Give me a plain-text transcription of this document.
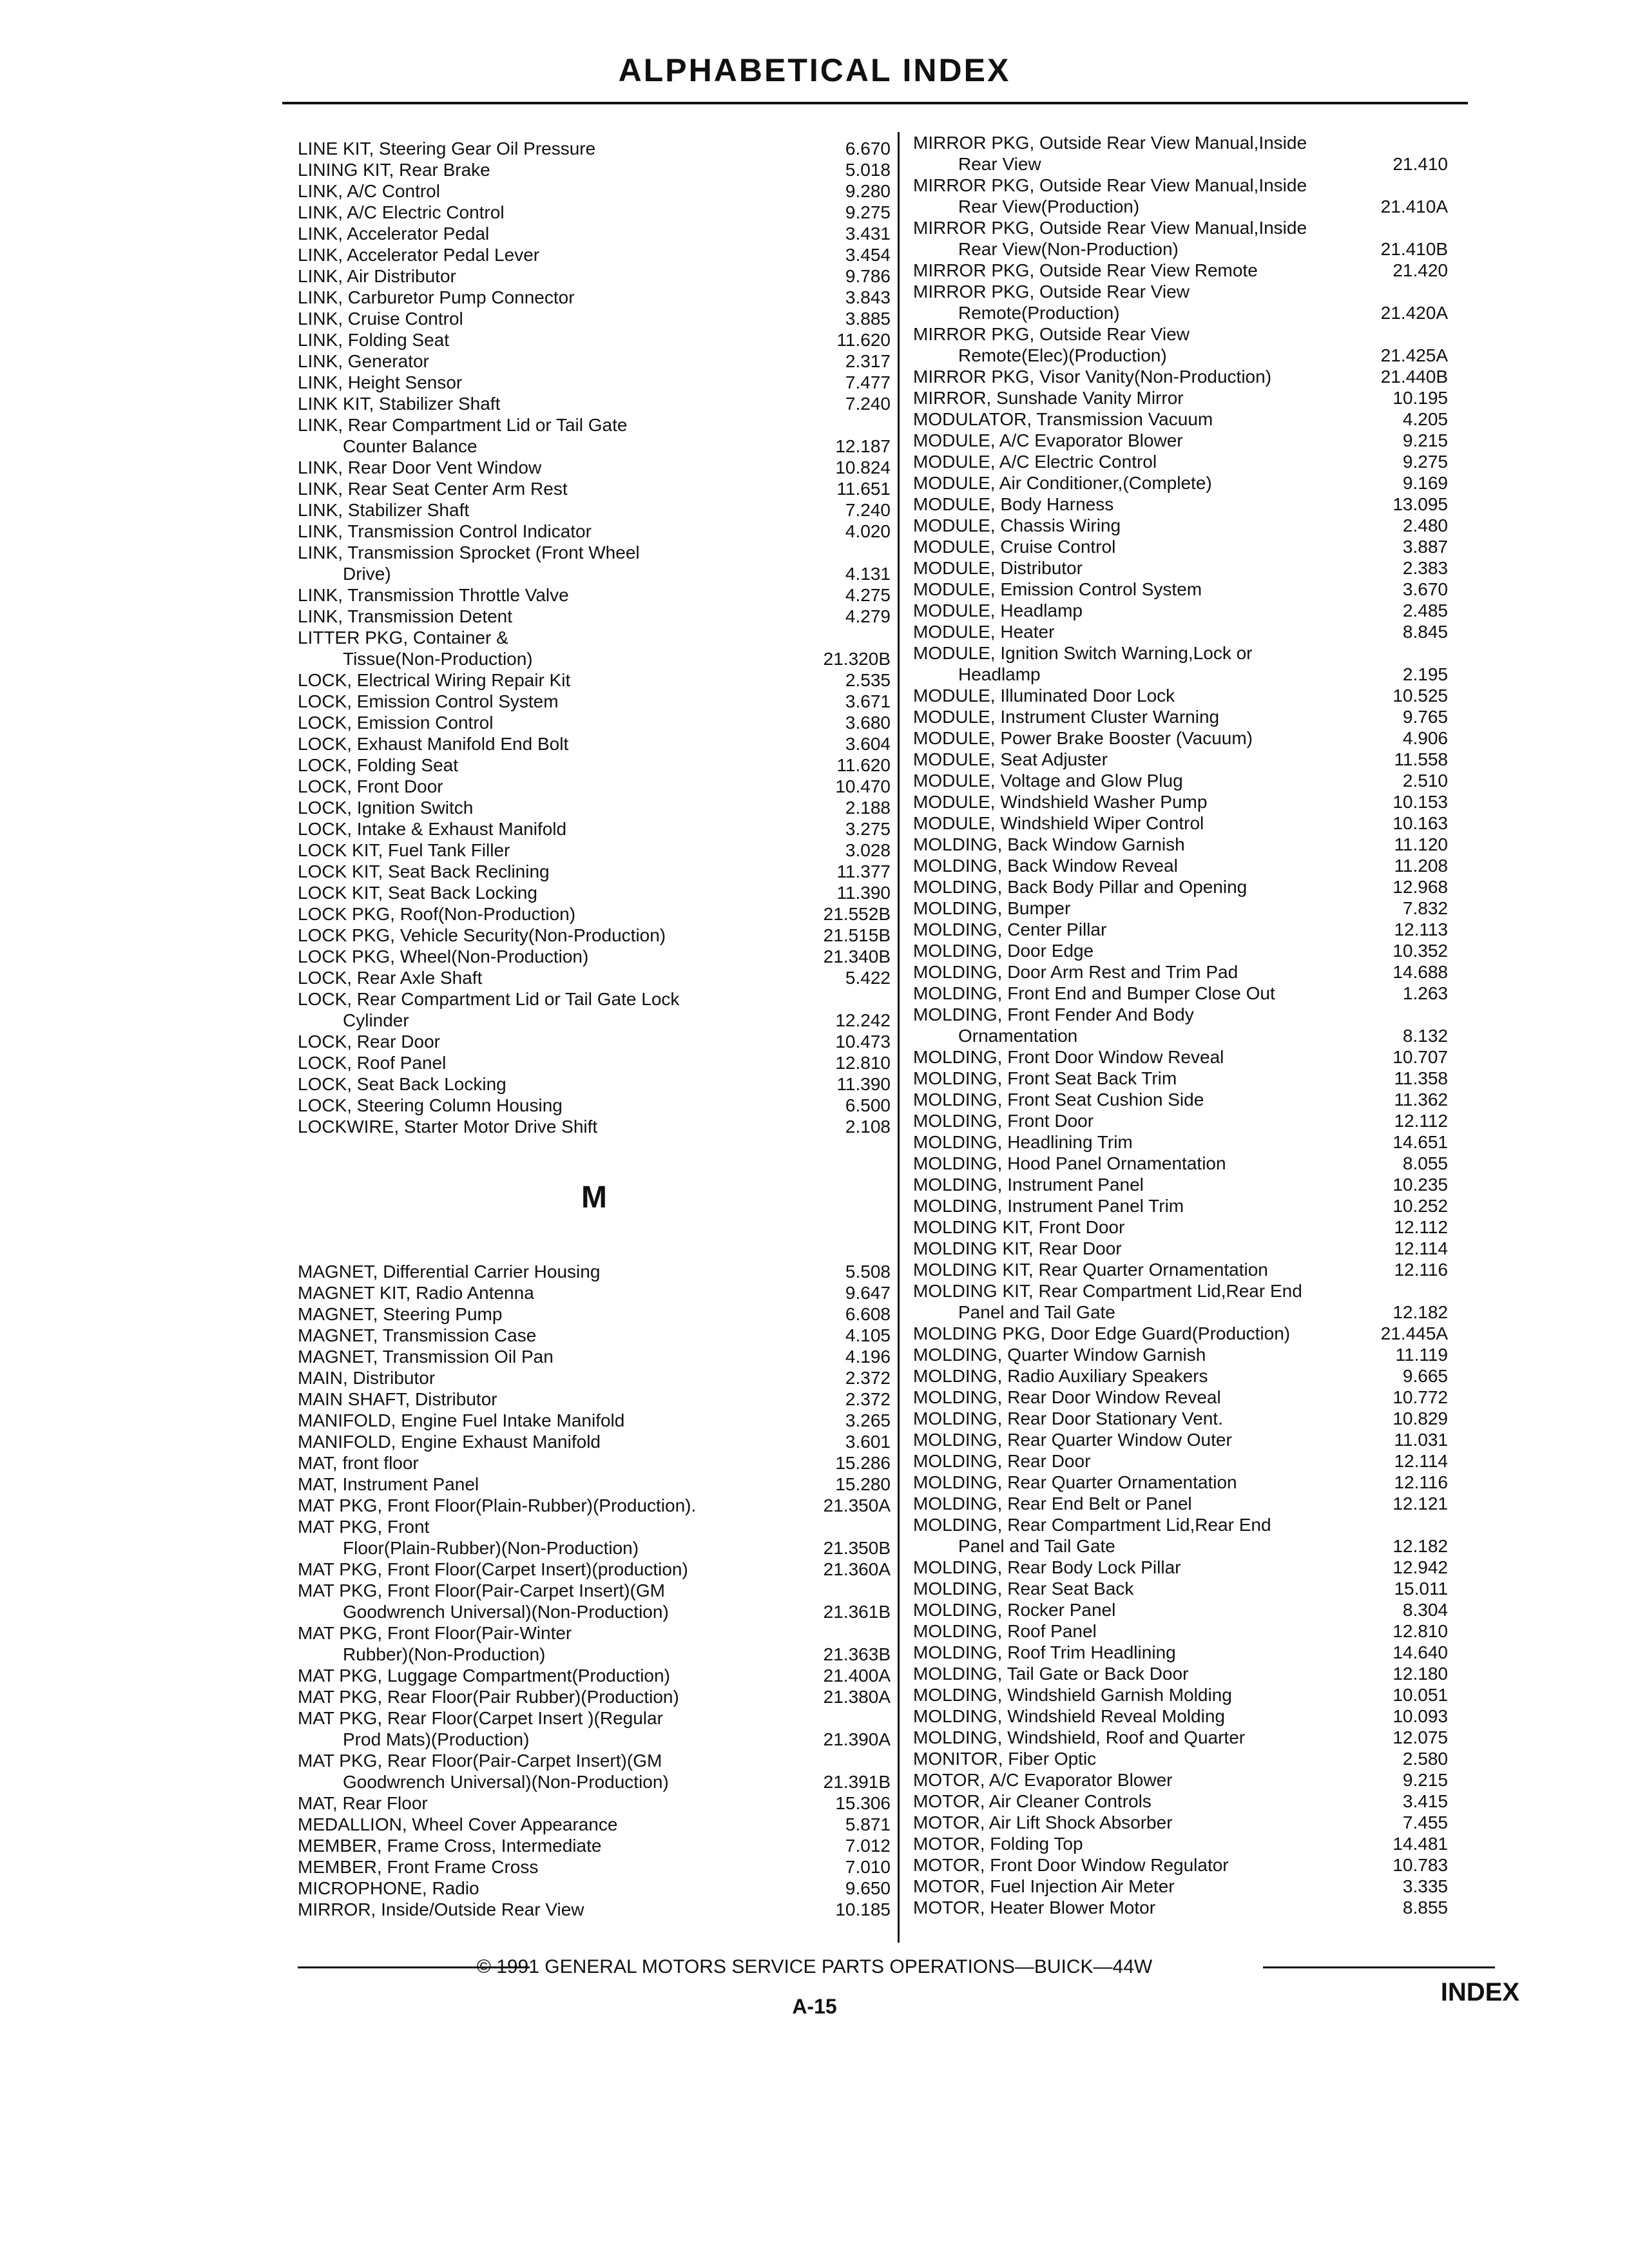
ALPHABETICAL INDEX
LINE KIT, Steering Gear Oil Pressure	6.670
LINING KIT, Rear Brake	5.018
LINK, A/C Control	9.280
LINK, A/C Electric Control	9.275
LINK, Accelerator Pedal	3.431
LINK, Accelerator Pedal Lever	3.454
LINK, Air Distributor	9.786
LINK, Carburetor Pump Connector	3.843
LINK, Cruise Control	3.885
LINK, Folding Seat	11.620
LINK, Generator	2.317
LINK, Height Sensor	7.477
LINK KIT, Stabilizer Shaft	7.240
LINK, Rear Compartment Lid or Tail Gate
Counter Balance	12.187
LINK, Rear Door Vent Window	10.824
LINK, Rear Seat Center Arm Rest	11.651
LINK, Stabilizer Shaft	7.240
LINK, Transmission Control Indicator	4.020
LINK, Transmission Sprocket (Front Wheel
Drive)	4.131
LINK, Transmission Throttle Valve	4.275
LINK, Transmission Detent	4.279
LITTER PKG, Container &
Tissue(Non-Production)	21.320B
LOCK, Electrical Wiring Repair Kit	2.535
LOCK, Emission Control System	3.671
LOCK, Emission Control	3.680
LOCK, Exhaust Manifold End Bolt	3.604
LOCK, Folding Seat	11.620
LOCK, Front Door	10.470
LOCK, Ignition Switch	2.188
LOCK, Intake & Exhaust Manifold	3.275
LOCK KIT, Fuel Tank Filler	3.028
LOCK KIT, Seat Back Reclining	11.377
LOCK KIT, Seat Back Locking	11.390
LOCK PKG, Roof(Non-Production)	21.552B
LOCK PKG, Vehicle Security(Non-Production)	21.515B
LOCK PKG, Wheel(Non-Production)	21.340B
LOCK, Rear Axle Shaft	5.422
LOCK, Rear Compartment Lid or Tail Gate Lock
Cylinder	12.242
LOCK, Rear Door	10.473
LOCK, Roof Panel	12.810
LOCK, Seat Back Locking	11.390
LOCK, Steering Column Housing	6.500
LOCKWIRE, Starter Motor Drive Shift	2.108
M
MAGNET, Differential Carrier Housing	5.508
MAGNET KIT, Radio Antenna	9.647
MAGNET, Steering Pump	6.608
MAGNET, Transmission Case	4.105
MAGNET, Transmission Oil Pan	4.196
MAIN, Distributor	2.372
MAIN SHAFT, Distributor	2.372
MANIFOLD, Engine Fuel Intake Manifold	3.265
MANIFOLD, Engine Exhaust Manifold	3.601
MAT, front floor	15.286
MAT, Instrument Panel	15.280
MAT PKG, Front Floor(Plain-Rubber)(Production).	21.350A
MAT PKG, Front
Floor(Plain-Rubber)(Non-Production)	21.350B
MAT PKG, Front Floor(Carpet Insert)(production)	21.360A
MAT PKG, Front Floor(Pair-Carpet Insert)(GM
Goodwrench Universal)(Non-Production)	21.361B
MAT PKG, Front Floor(Pair-Winter
Rubber)(Non-Production)	21.363B
MAT PKG, Luggage Compartment(Production)	21.400A
MAT PKG, Rear Floor(Pair Rubber)(Production)	21.380A
MAT PKG, Rear Floor(Carpet Insert )(Regular
Prod Mats)(Production)	21.390A
MAT PKG, Rear Floor(Pair-Carpet Insert)(GM
Goodwrench Universal)(Non-Production)	21.391B
MAT, Rear Floor	15.306
MEDALLION, Wheel Cover Appearance	5.871
MEMBER, Frame Cross, Intermediate	7.012
MEMBER, Front Frame Cross	7.010
MICROPHONE, Radio	9.650
MIRROR, Inside/Outside Rear View	10.185
MIRROR PKG, Outside Rear View Manual,Inside
Rear View	21.410
MIRROR PKG, Outside Rear View Manual,Inside
Rear View(Production)	21.410A
MIRROR PKG, Outside Rear View Manual,Inside
Rear View(Non-Production)	21.410B
MIRROR PKG, Outside Rear View Remote	21.420
MIRROR PKG, Outside Rear View
Remote(Production)	21.420A
MIRROR PKG, Outside Rear View
Remote(Elec)(Production)	21.425A
MIRROR PKG, Visor Vanity(Non-Production)	21.440B
MIRROR, Sunshade Vanity Mirror	10.195
MODULATOR, Transmission Vacuum	4.205
MODULE, A/C Evaporator Blower	9.215
MODULE, A/C Electric Control	9.275
MODULE, Air Conditioner,(Complete)	9.169
MODULE, Body Harness	13.095
MODULE, Chassis Wiring	2.480
MODULE, Cruise Control	3.887
MODULE, Distributor	2.383
MODULE, Emission Control System	3.670
MODULE, Headlamp	2.485
MODULE, Heater	8.845
MODULE, Ignition Switch Warning,Lock or
Headlamp	2.195
MODULE, Illuminated Door Lock	10.525
MODULE, Instrument Cluster Warning	9.765
MODULE, Power Brake Booster (Vacuum)	4.906
MODULE, Seat Adjuster	11.558
MODULE, Voltage and Glow Plug	2.510
MODULE, Windshield Washer Pump	10.153
MODULE, Windshield Wiper Control	10.163
MOLDING, Back Window Garnish	11.120
MOLDING, Back Window Reveal	11.208
MOLDING, Back Body Pillar and Opening	12.968
MOLDING, Bumper	7.832
MOLDING, Center Pillar	12.113
MOLDING, Door Edge	10.352
MOLDING, Door Arm Rest and Trim Pad	14.688
MOLDING, Front End and Bumper Close Out	1.263
MOLDING, Front Fender And Body
Ornamentation	8.132
MOLDING, Front Door Window Reveal	10.707
MOLDING, Front Seat Back Trim	11.358
MOLDING, Front Seat Cushion Side	11.362
MOLDING, Front Door	12.112
MOLDING, Headlining Trim	14.651
MOLDING, Hood Panel Ornamentation	8.055
MOLDING, Instrument Panel	10.235
MOLDING, Instrument Panel Trim	10.252
MOLDING KIT, Front Door	12.112
MOLDING KIT, Rear Door	12.114
MOLDING KIT, Rear Quarter Ornamentation	12.116
MOLDING KIT, Rear Compartment Lid,Rear End
Panel and Tail Gate	12.182
MOLDING PKG, Door Edge Guard(Production)	21.445A
MOLDING, Quarter Window Garnish	11.119
MOLDING, Radio Auxiliary Speakers	9.665
MOLDING, Rear Door Window Reveal	10.772
MOLDING, Rear Door Stationary Vent.	10.829
MOLDING, Rear Quarter Window Outer	11.031
MOLDING, Rear Door	12.114
MOLDING, Rear Quarter Ornamentation	12.116
MOLDING, Rear End Belt or Panel	12.121
MOLDING, Rear Compartment Lid,Rear End
Panel and Tail Gate	12.182
MOLDING, Rear Body Lock Pillar	12.942
MOLDING, Rear Seat Back	15.011
MOLDING, Rocker Panel	8.304
MOLDING, Roof Panel	12.810
MOLDING, Roof Trim Headlining	14.640
MOLDING, Tail Gate or Back Door	12.180
MOLDING, Windshield Garnish Molding	10.051
MOLDING, Windshield Reveal Molding	10.093
MOLDING, Windshield, Roof and Quarter	12.075
MONITOR, Fiber Optic	2.580
MOTOR, A/C Evaporator Blower	9.215
MOTOR, Air Cleaner Controls	3.415
MOTOR, Air Lift Shock Absorber	7.455
MOTOR, Folding Top	14.481
MOTOR, Front Door Window Regulator	10.783
MOTOR, Fuel Injection Air Meter	3.335
MOTOR, Heater Blower Motor	8.855
© 1991 GENERAL MOTORS SERVICE PARTS OPERATIONS—BUICK—44W
A-15	INDEX
